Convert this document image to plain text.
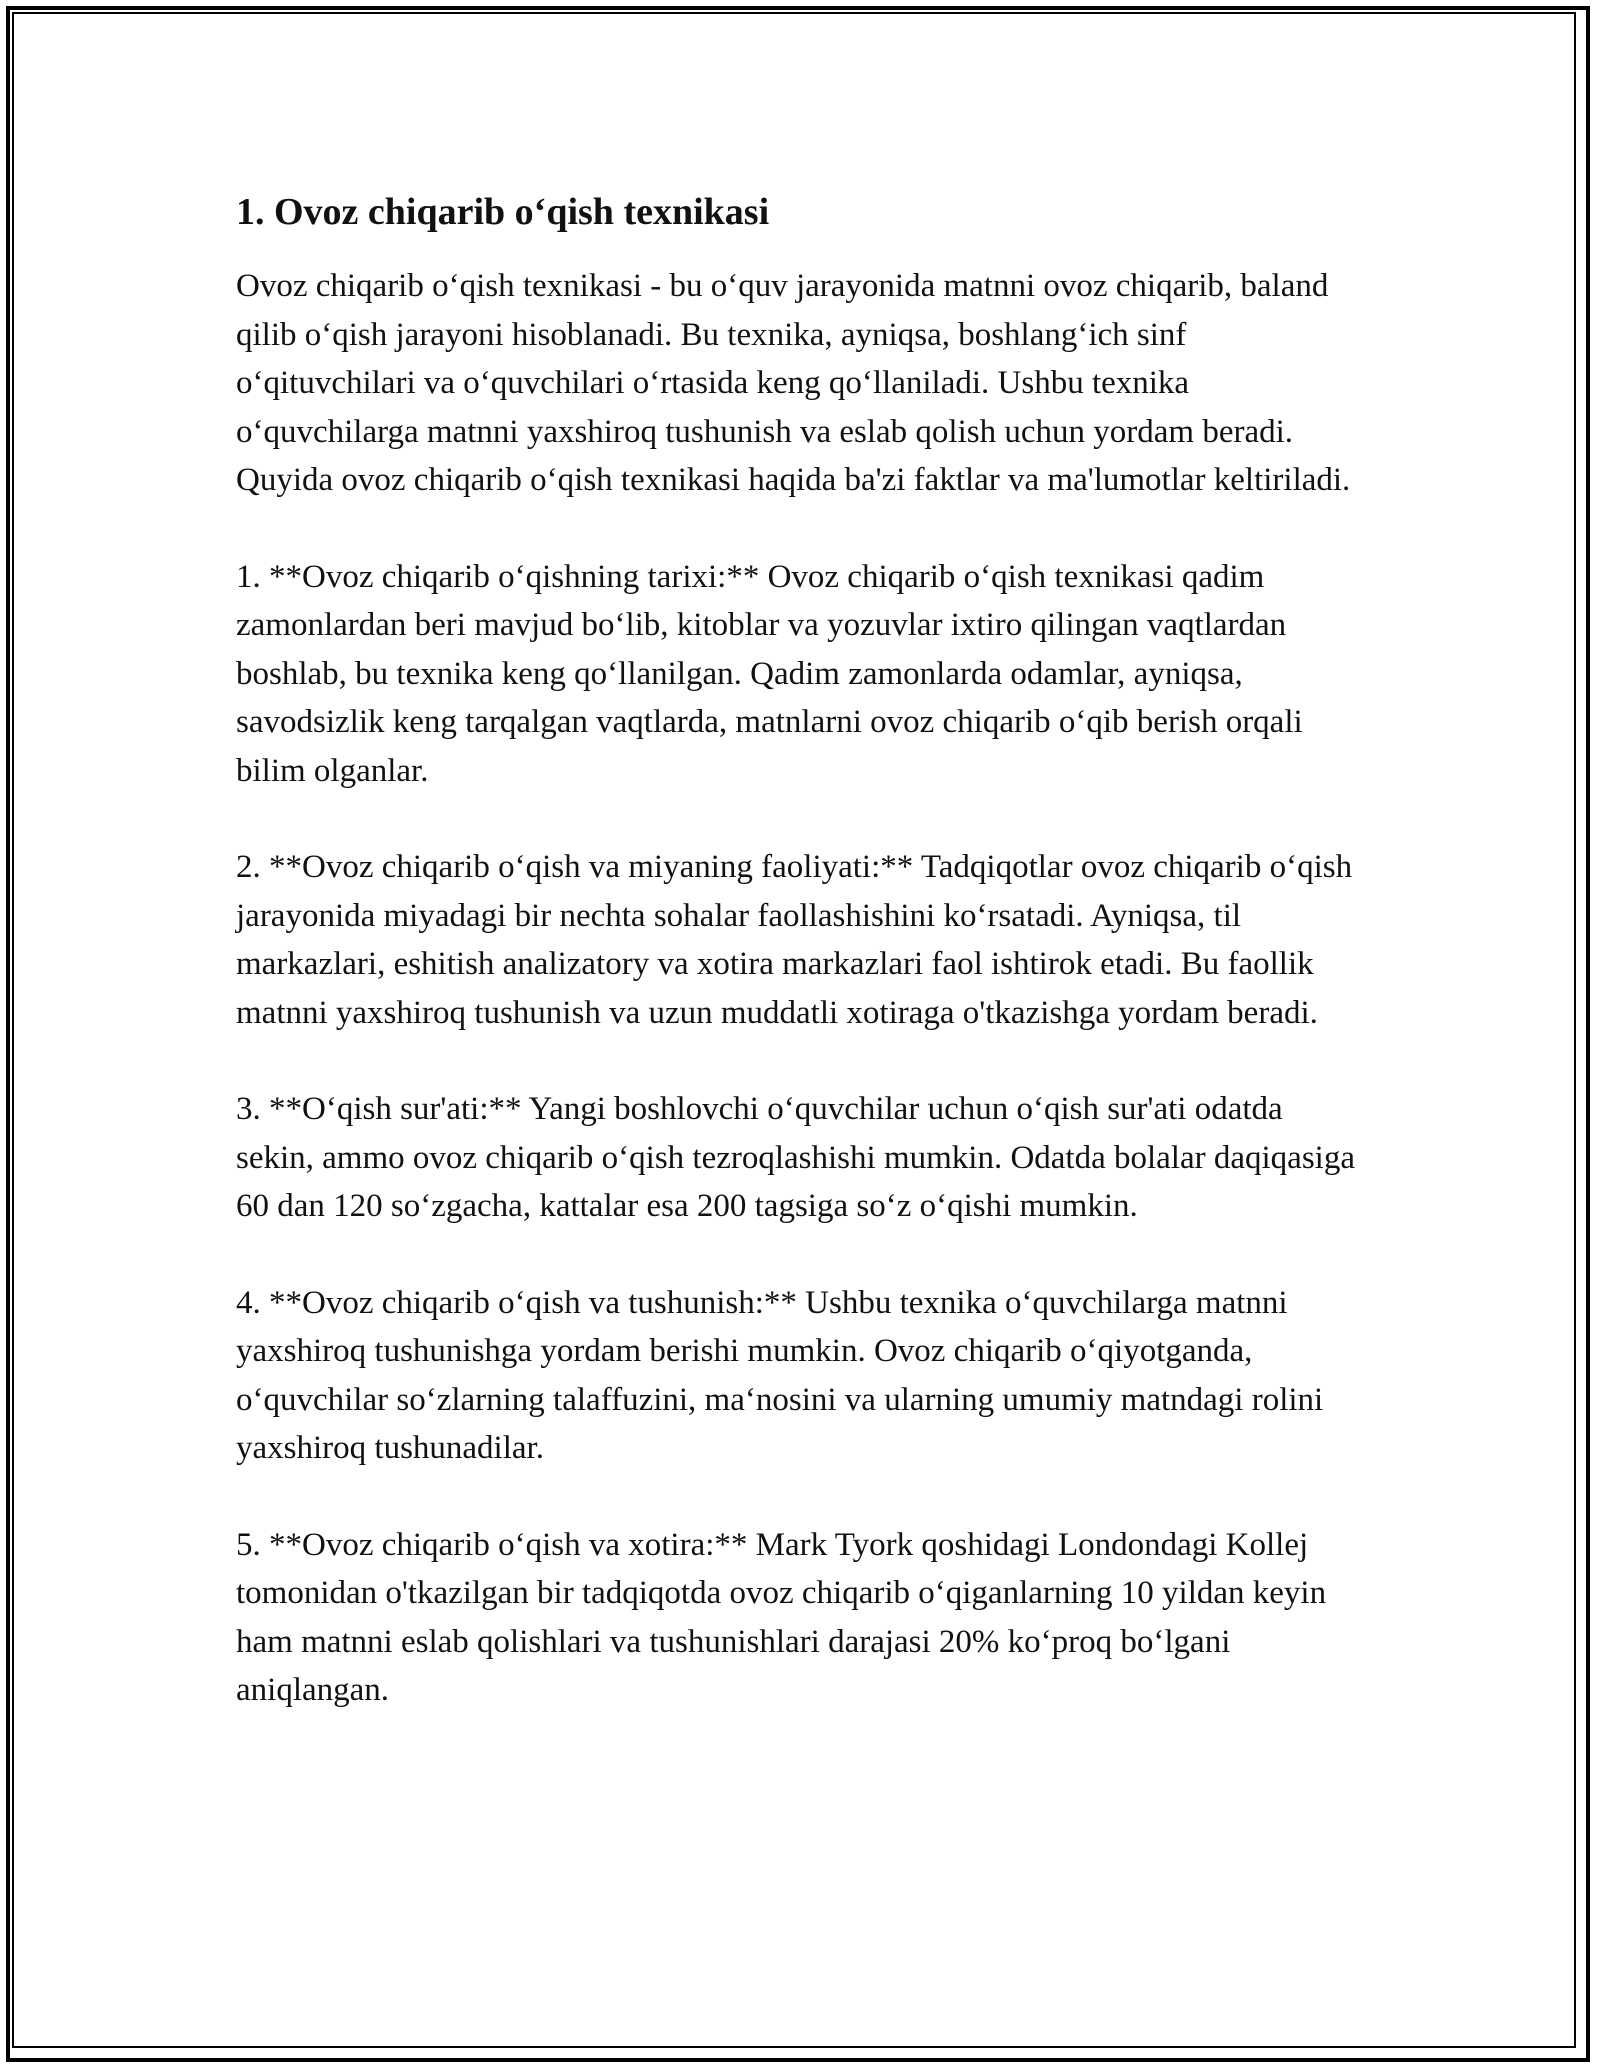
1. Ovoz chiqarib o‘qish texnikasi

Ovoz chiqarib o‘qish texnikasi - bu o‘quv jarayonida matnni ovoz chiqarib, baland qilib o‘qish jarayoni hisoblanadi. Bu texnika, ayniqsa, boshlang‘ich sinf o‘qituvchilari va o‘quvchilari o‘rtasida keng qo‘llaniladi. Ushbu texnika o‘quvchilarga matnni yaxshiroq tushunish va eslab qolish uchun yordam beradi. Quyida ovoz chiqarib o‘qish texnikasi haqida ba'zi faktlar va ma'lumotlar keltiriladi.

1. **Ovoz chiqarib o‘qishning tarixi:** Ovoz chiqarib o‘qish texnikasi qadim zamonlardan beri mavjud bo‘lib, kitoblar va yozuvlar ixtiro qilingan vaqtlardan boshlab, bu texnika keng qo‘llanilgan. Qadim zamonlarda odamlar, ayniqsa, savodsizlik keng tarqalgan vaqtlarda, matnlarni ovoz chiqarib o‘qib berish orqali bilim olganlar.

2. **Ovoz chiqarib o‘qish va miyaning faoliyati:** Tadqiqotlar ovoz chiqarib o‘qish jarayonida miyadagi bir nechta sohalar faollashishini ko‘rsatadi. Ayniqsa, til markazlari, eshitish analizatory va xotira markazlari faol ishtirok etadi. Bu faollik matnni yaxshiroq tushunish va uzun muddatli xotiraga o'tkazishga yordam beradi.

3. **O‘qish sur'ati:** Yangi boshlovchi o‘quvchilar uchun o‘qish sur'ati odatda sekin, ammo ovoz chiqarib o‘qish tezroqlashishi mumkin. Odatda bolalar daqiqasiga 60 dan 120 so‘zgacha, kattalar esa 200 tagsiga so‘z o‘qishi mumkin.

4. **Ovoz chiqarib o‘qish va tushunish:** Ushbu texnika o‘quvchilarga matnni yaxshiroq tushunishga yordam berishi mumkin. Ovoz chiqarib o‘qiyotganda, o‘quvchilar so‘zlarning talaffuzini, ma‘nosini va ularning umumiy matndagi rolini yaxshiroq tushunadilar.

5. **Ovoz chiqarib o‘qish va xotira:** Mark Tyork qoshidagi Londondagi Kollej tomonidan o'tkazilgan bir tadqiqotda ovoz chiqarib o‘qiganlarning 10 yildan keyin ham matnni eslab qolishlari va tushunishlari darajasi 20% ko‘proq bo‘lgani aniqlangan.
